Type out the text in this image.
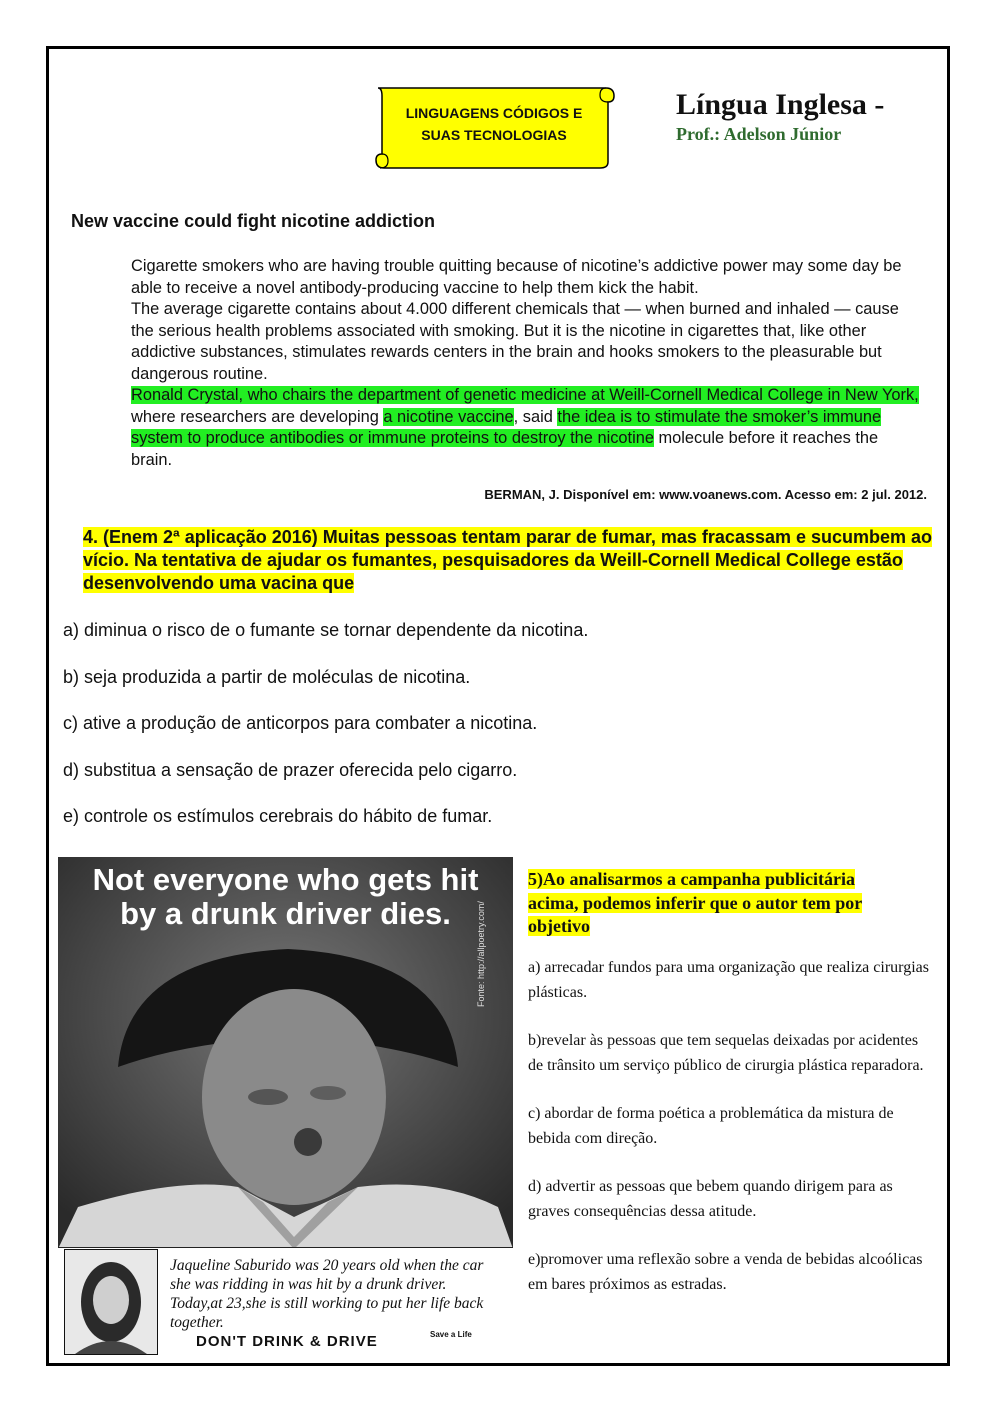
LINGUAGENS CÓDIGOS E
SUAS TECNOLOGIAS
Língua Inglesa -
Prof.: Adelson Júnior
New vaccine could fight nicotine addiction

Cigarette smokers who are having trouble quitting because of nicotine’s addictive power may some day be able to receive a novel antibody-producing vaccine to help them kick the habit.

The average cigarette contains about 4.000 different chemicals that — when burned and inhaled — cause the serious health problems associated with smoking. But it is the nicotine in cigarettes that, like other addictive substances, stimulates rewards centers in the brain and hooks smokers to the pleasurable but dangerous routine.

Ronald Crystal, who chairs the department of genetic medicine at Weill-Cornell Medical College in New York, where researchers are developing a nicotine vaccine, said the idea is to stimulate the smoker’s immune system to produce antibodies or immune proteins to destroy the nicotine molecule before it reaches the brain.

BERMAN, J. Disponível em: www.voanews.com. Acesso em: 2 jul. 2012.
4. (Enem 2ª aplicação 2016) Muitas pessoas tentam parar de fumar, mas fracassam e sucumbem ao vício. Na tentativa de ajudar os fumantes, pesquisadores da Weill-Cornell Medical College estão desenvolvendo uma vacina que
a) diminua o risco de o fumante se tornar dependente da nicotina.
b) seja produzida a partir de moléculas de nicotina.
c) ative a produção de anticorpos para combater a nicotina.
d) substitua a sensação de prazer oferecida pelo cigarro.
e) controle os estímulos cerebrais do hábito de fumar.
Not everyone who gets hit
by a drunk driver dies.	Fonte: http://allpoetry.com/
Jaqueline Saburido was 20 years old when the car she was ridding in was hit by a drunk driver. Today,at 23,she is still working to put her life back together.
DON'T DRINK & DRIVE	Save a Life
5)Ao analisarmos a campanha publicitária acima, podemos inferir que o autor tem por objetivo
a) arrecadar fundos para uma organização que realiza cirurgias plásticas.
b)revelar às pessoas que tem sequelas deixadas por acidentes de trânsito um serviço público de cirurgia plástica reparadora.
c) abordar de forma poética a problemática da mistura de bebida com direção.
d) advertir as pessoas que bebem quando dirigem para as graves consequências dessa atitude.
e)promover uma reflexão sobre a venda de bebidas alcoólicas em bares próximos as estradas.
